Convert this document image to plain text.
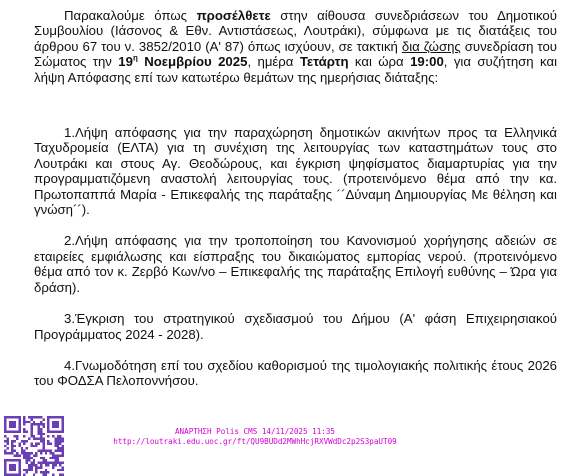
Παρακαλούμε όπως προσέλθετε στην αίθουσα συνεδριάσεων του Δημοτικού Συμβουλίου (Ιάσονος & Εθν. Αντιστάσεως, Λουτράκι), σύμφωνα με τις διατάξεις του άρθρου 67 του ν. 3852/2010 (Α' 87) όπως ισχύουν, σε τακτική δια ζώσης συνεδρίαση του Σώματος την $19^\eta$ Νοεμβρίου 2025, ημέρα Τετάρτη και ώρα 19:00, για συζήτηση και λήψη Απόφασης επί των κατωτέρω θεμάτων της ημερήσιας διάταξης:

1.Λήψη απόφασης για την παραχώρηση δημοτικών ακινήτων προς τα Ελληνικά Ταχυδρομεία (ΕΛΤΑ) για τη συνέχιση της λειτουργίας των καταστημάτων τους στο Λουτράκι και στους Αγ. Θεοδώρους, και έγκριση ψηφίσματος διαμαρτυρίας για την προγραμματιζόμενη αναστολή λειτουργίας τους. (προτεινόμενο θέμα από την κα. Πρωτοπαππά Μαρία - Επικεφαλής της παράταξης ´´Δύναμη Δημιουργίας Με θέληση και γνώση´´).

2.Λήψη απόφασης για την τροποποίηση του Κανονισμού χορήγησης αδειών σε εταιρείες εμφιάλωσης και είσπραξης του δικαιώματος εμπορίας νερού. (προτεινόμενο θέμα από τον κ. Ζερβό Κων/νο – Επικεφαλής της παράταξης Επιλογή ευθύνης – Ώρα για δράση).

3.Έγκριση του στρατηγικού σχεδιασμού του Δήμου (Α' φάση Επιχειρησιακού Προγράμματος 2024 - 2028).

4.Γνωμοδότηση επί του σχεδίου καθορισμού της τιμολογιακής πολιτικής έτους 2026 του ΦΟΔΣΑ Πελοποννήσου.

ΑΝΑΡΤΗΣΗ Polis CMS 14/11/2025 11:35
http://loutraki.edu.uoc.gr/ft/QU9BUDd2MWhHcjRXVWdDc2p2S3paUT09
